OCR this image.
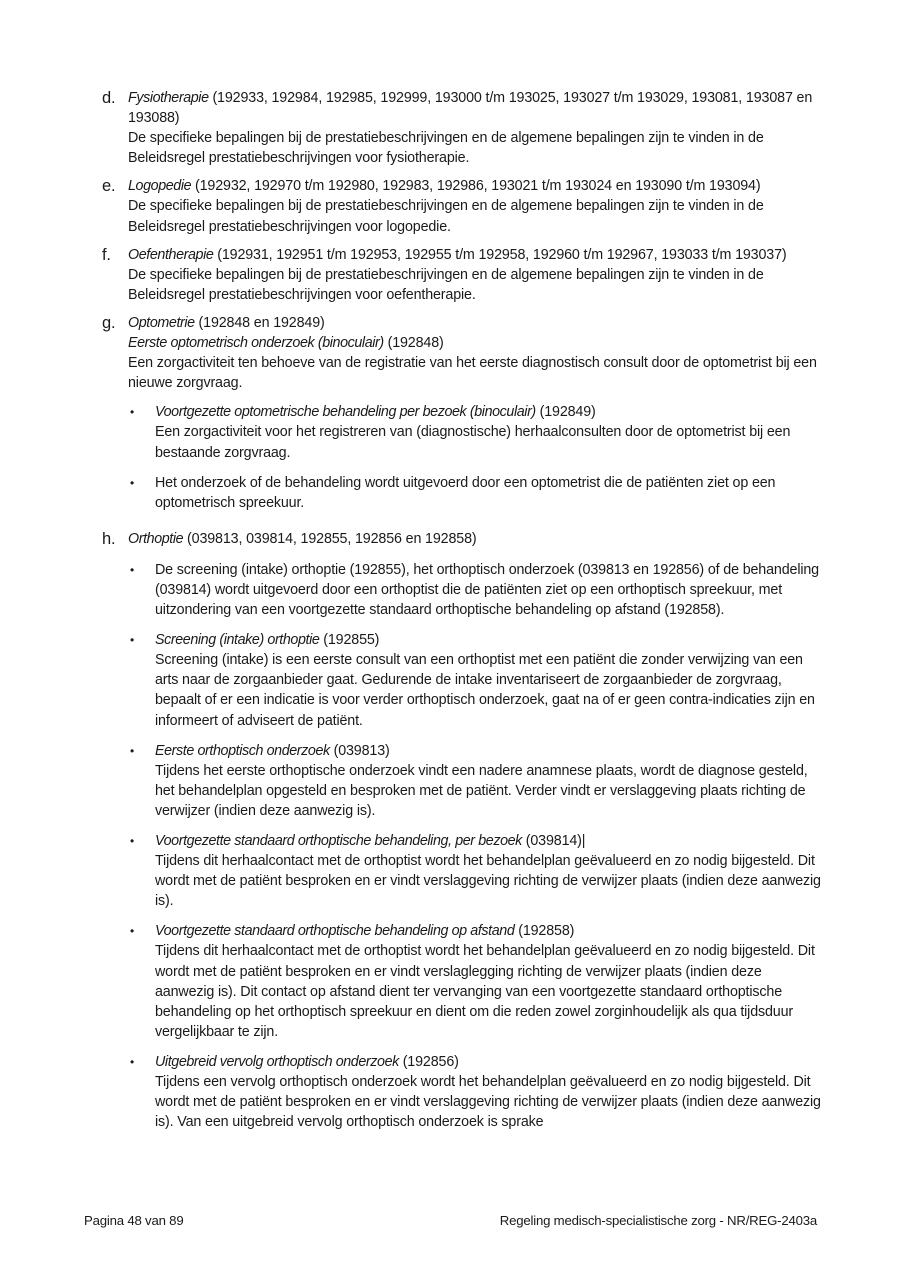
d. Fysiotherapie (192933, 192984, 192985, 192999, 193000 t/m 193025, 193027 t/m 193029, 193081, 193087 en 193088)
De specifieke bepalingen bij de prestatiebeschrijvingen en de algemene bepalingen zijn te vinden in de Beleidsregel prestatiebeschrijvingen voor fysiotherapie.
e. Logopedie (192932, 192970 t/m 192980, 192983, 192986, 193021 t/m 193024 en 193090 t/m 193094)
De specifieke bepalingen bij de prestatiebeschrijvingen en de algemene bepalingen zijn te vinden in de Beleidsregel prestatiebeschrijvingen voor logopedie.
f.	Oefentherapie (192931, 192951 t/m 192953, 192955 t/m 192958, 192960 t/m 192967, 193033 t/m 193037)
De specifieke bepalingen bij de prestatiebeschrijvingen en de algemene bepalingen zijn te vinden in de Beleidsregel prestatiebeschrijvingen voor oefentherapie.
g. Optometrie (192848 en 192849)
Eerste optometrisch onderzoek (binoculair) (192848)
Een zorgactiviteit ten behoeve van de registratie van het eerste diagnostisch consult door de optometrist bij een nieuwe zorgvraag.
• Voortgezette optometrische behandeling per bezoek (binoculair) (192849)
Een zorgactiviteit voor het registreren van (diagnostische) herhaalconsulten door de optometrist bij een bestaande zorgvraag.
• Het onderzoek of de behandeling wordt uitgevoerd door een optometrist die de patiënten ziet op een optometrisch spreekuur.
h. Orthoptie (039813, 039814, 192855, 192856 en 192858)
• De screening (intake) orthoptie (192855), het orthoptisch onderzoek (039813 en 192856) of de behandeling (039814) wordt uitgevoerd door een orthoptist die de patiënten ziet op een orthoptisch spreekuur, met uitzondering van een voortgezette standaard orthoptische behandeling op afstand (192858).
• Screening (intake) orthoptie (192855)
Screening (intake) is een eerste consult van een orthoptist met een patiënt die zonder verwijzing van een arts naar de zorgaanbieder gaat. Gedurende de intake inventariseert de zorgaanbieder de zorgvraag, bepaalt of er een indicatie is voor verder orthoptisch onderzoek, gaat na of er geen contra-indicaties zijn en informeert of adviseert de patiënt.
• Eerste orthoptisch onderzoek (039813)
Tijdens het eerste orthoptische onderzoek vindt een nadere anamnese plaats, wordt de diagnose gesteld, het behandelplan opgesteld en besproken met de patiënt. Verder vindt er verslaggeving plaats richting de verwijzer (indien deze aanwezig is).
• Voortgezette standaard orthoptische behandeling, per bezoek (039814)|
Tijdens dit herhaalcontact met de orthoptist wordt het behandelplan geëvalueerd en zo nodig bijgesteld. Dit wordt met de patiënt besproken en er vindt verslaggeving richting de verwijzer plaats (indien deze aanwezig is).
• Voortgezette standaard orthoptische behandeling op afstand (192858)
Tijdens dit herhaalcontact met de orthoptist wordt het behandelplan geëvalueerd en zo nodig bijgesteld. Dit wordt met de patiënt besproken en er vindt verslaglegging richting de verwijzer plaats (indien deze aanwezig is). Dit contact op afstand dient ter vervanging van een voortgezette standaard orthoptische behandeling op het orthoptisch spreekuur en dient om die reden zowel zorginhoudelijk als qua tijdsduur vergelijkbaar te zijn.
• Uitgebreid vervolg orthoptisch onderzoek (192856)
Tijdens een vervolg orthoptisch onderzoek wordt het behandelplan geëvalueerd en zo nodig bijgesteld. Dit wordt met de patiënt besproken en er vindt verslaggeving richting de verwijzer plaats (indien deze aanwezig is). Van een uitgebreid vervolg orthoptisch onderzoek is sprake
Pagina 48 van 89	Regeling medisch-specialistische zorg - NR/REG-2403a
